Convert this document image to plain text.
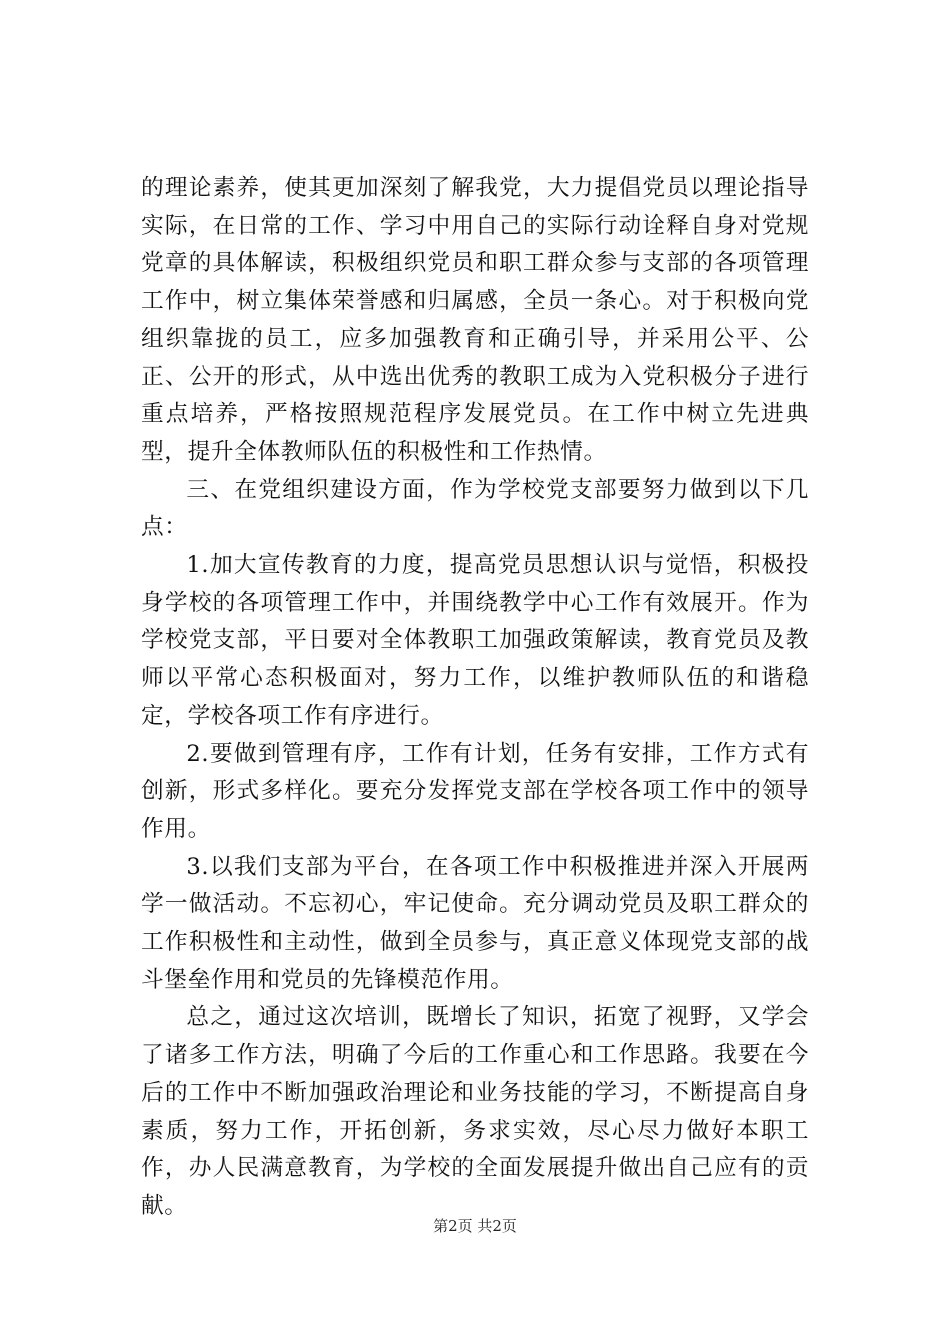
的理论素养，使其更加深刻了解我党，大力提倡党员以理论指导实际，在日常的工作、学习中用自己的实际行动诠释自身对党规党章的具体解读，积极组织党员和职工群众参与支部的各项管理工作中，树立集体荣誉感和归属感，全员一条心。对于积极向党组织靠拢的员工，应多加强教育和正确引导，并采用公平、公正、公开的形式，从中选出优秀的教职工成为入党积极分子进行重点培养，严格按照规范程序发展党员。在工作中树立先进典型，提升全体教师队伍的积极性和工作热情。

三、在党组织建设方面，作为学校党支部要努力做到以下几点：

1.加大宣传教育的力度，提高党员思想认识与觉悟，积极投身学校的各项管理工作中，并围绕教学中心工作有效展开。作为学校党支部，平日要对全体教职工加强政策解读，教育党员及教师以平常心态积极面对，努力工作，以维护教师队伍的和谐稳定，学校各项工作有序进行。

2.要做到管理有序，工作有计划，任务有安排，工作方式有创新，形式多样化。要充分发挥党支部在学校各项工作中的领导作用。

3.以我们支部为平台，在各项工作中积极推进并深入开展两学一做活动。不忘初心，牢记使命。充分调动党员及职工群众的工作积极性和主动性，做到全员参与，真正意义体现党支部的战斗堡垒作用和党员的先锋模范作用。

总之，通过这次培训，既增长了知识，拓宽了视野，又学会了诸多工作方法，明确了今后的工作重心和工作思路。我要在今后的工作中不断加强政治理论和业务技能的学习，不断提高自身素质，努力工作，开拓创新，务求实效，尽心尽力做好本职工作，办人民满意教育，为学校的全面发展提升做出自己应有的贡献。

第2页 共2页
